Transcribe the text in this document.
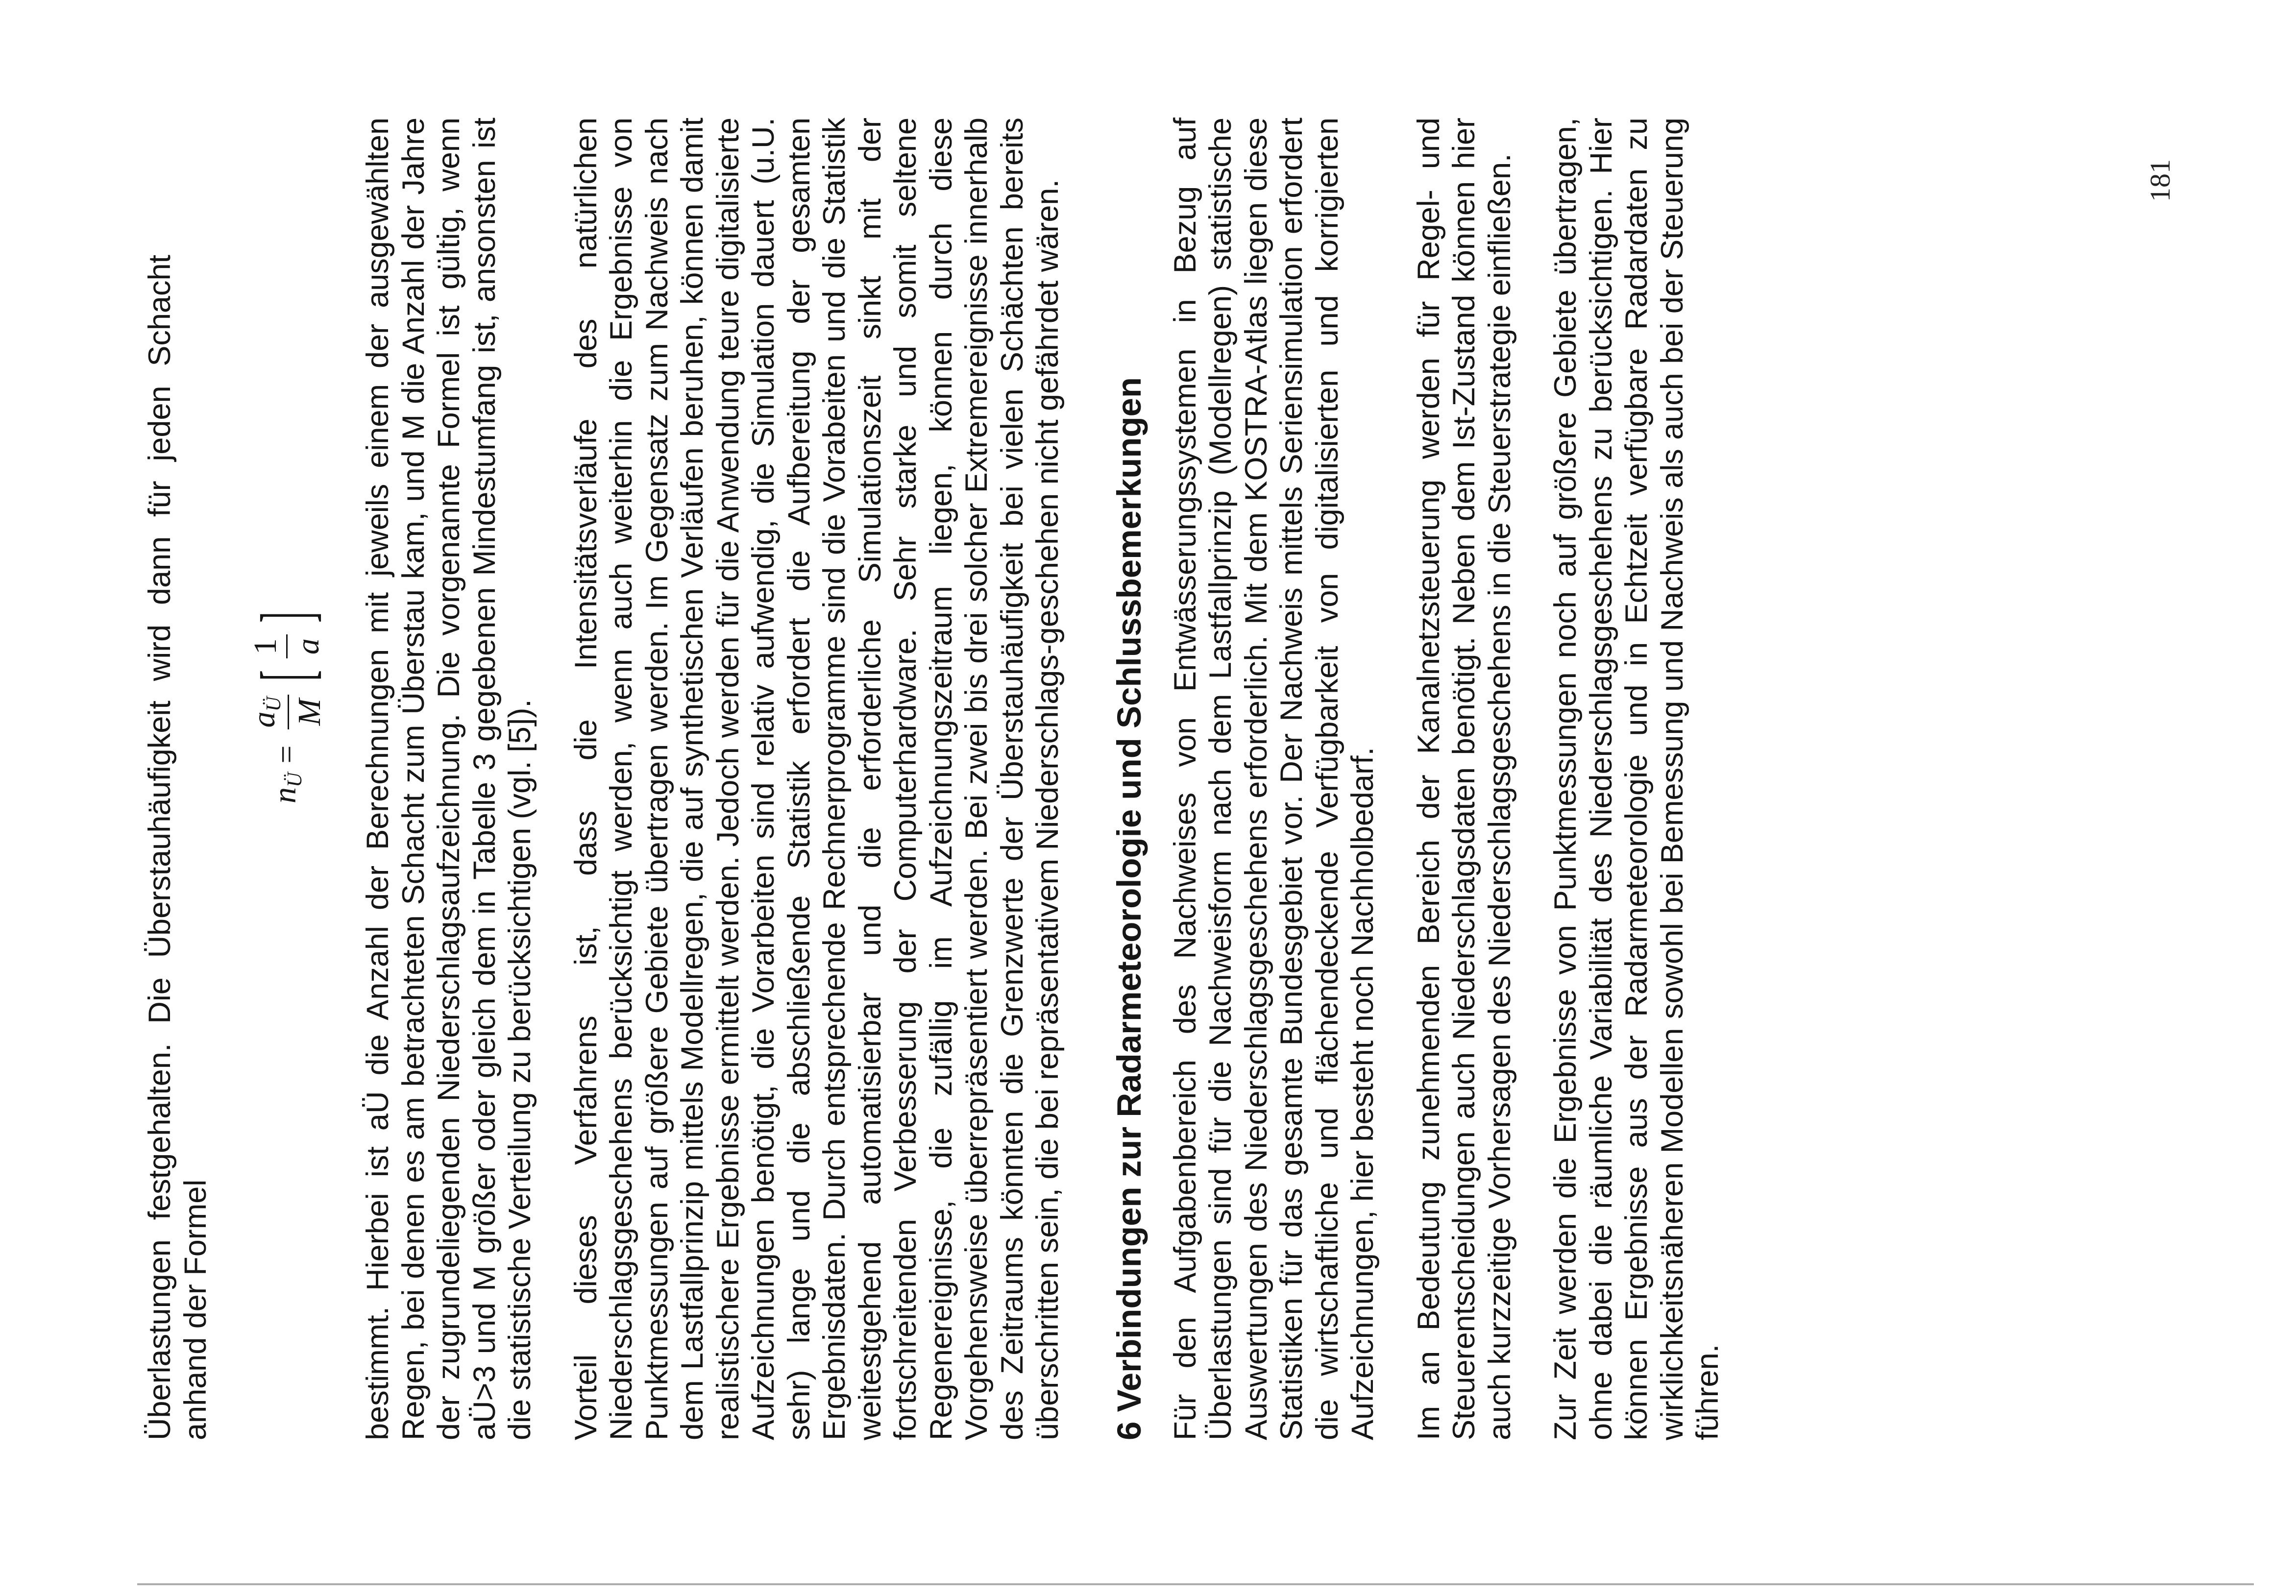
Überlastungen festgehalten. Die Überstauhäufigkeit wird dann für jeden Schacht anhand der Formel

$n_Ü$
=
$a_Ü$ M
[
1 a
] bestimmt. Hierbei ist aÜ die Anzahl der Berechnungen mit jeweils einem der ausgewählten Regen, bei denen es am betrachteten Schacht zum Überstau kam, und M die Anzahl der Jahre der zugrundeliegenden Niederschlagsaufzeichnung. Die vorgenannte Formel ist gültig, wenn aÜ>3 und M größer oder gleich dem in Tabelle 3 gegebenen Mindestumfang ist, ansonsten ist die statistische Verteilung zu berücksichtigen (vgl. [5]). Vorteil dieses Verfahrens ist, dass die Intensitätsverläufe des natürlichen Niederschlagsgeschehens berücksichtigt werden, wenn auch weiterhin die Ergebnisse von Punktmessungen auf größere Gebiete übertragen werden. Im Gegensatz zum Nachweis nach dem Lastfallprinzip mittels Modellregen, die auf synthetischen Verläufen beruhen, können damit realistischere Ergebnisse ermittelt werden. Jedoch werden für die Anwendung teure digitalisierte Aufzeichnungen benötigt, die Vorarbeiten sind relativ aufwendig, die Simulation dauert (u.U. sehr) lange und die abschließende Statistik erfordert die Aufbereitung der gesamten Ergebnisdaten. Durch entsprechende Rechnerprogramme sind die Vorabeiten und die Statistik weitestgehend automatisierbar und die erforderliche Simulationszeit sinkt mit der fortschreitenden Verbesserung der Computerhardware. Sehr starke und somit seltene Regenereignisse, die zufällig im Aufzeichnungszeitraum liegen, können durch diese Vorgehensweise überrepräsentiert werden. Bei zwei bis drei solcher Extremereignisse innerhalb des Zeitraums könnten die Grenzwerte der Überstauhäufigkeit bei vielen Schächten bereits überschritten sein, die bei repräsentativem Niederschlags-geschehen nicht gefährdet wären. 6 Verbindungen zur Radarmeteorologie und Schlussbemerkungen Für den Aufgabenbereich des Nachweises von Entwässerungssystemen in Bezug auf Überlastungen sind für die Nachweisform nach dem Lastfallprinzip (Modellregen) statistische Auswertungen des Niederschlagsgeschehens erforderlich. Mit dem KOSTRA-Atlas liegen diese Statistiken für das gesamte Bundesgebiet vor. Der Nachweis mittels Seriensimulation erfordert die wirtschaftliche und flächendeckende Verfügbarkeit von digitalisierten und korrigierten Aufzeichnungen, hier besteht noch Nachholbedarf. Im an Bedeutung zunehmenden Bereich der Kanalnetzsteuerung werden für Regel- und Steuerentscheidungen auch Niederschlagsdaten benötigt. Neben dem Ist-Zustand können hier auch kurzzeitige Vorhersagen des Niederschlagsgeschehens in die Steuerstrategie einfließen. Zur Zeit werden die Ergebnisse von Punktmessungen noch auf größere Gebiete übertragen, ohne dabei die räumliche Variabilität des Niederschlagsgeschehens zu berücksichtigen. Hier können Ergebnisse aus der Radarmeteorologie und in Echtzeit verfügbare Radardaten zu wirklichkeitsnäheren Modellen sowohl bei Bemessung und Nachweis als auch bei der Steuerung führen.

181
